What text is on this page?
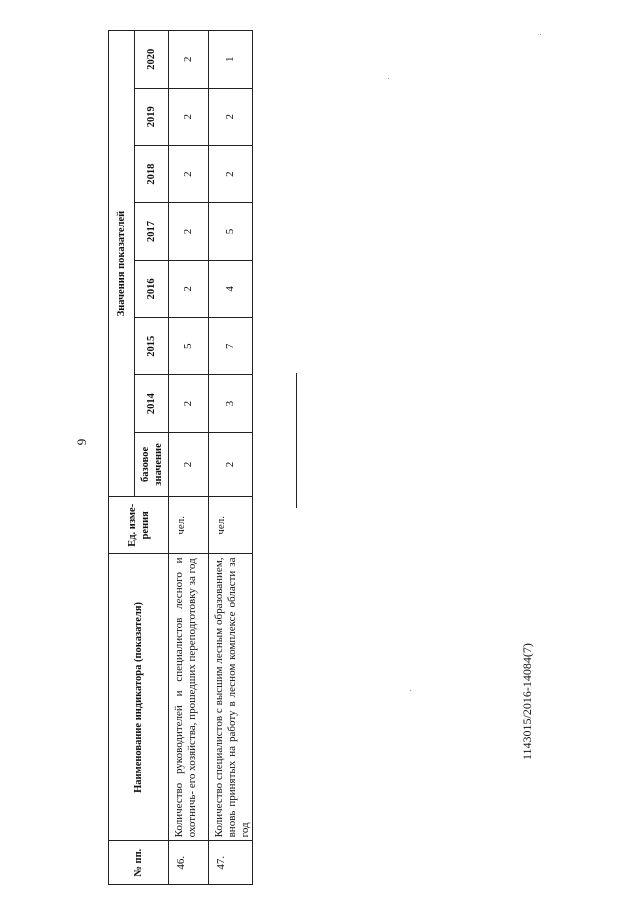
9
№ пп.	Наименование индикатора (показателя)	Ед. изме- рения	Значения показателей							
			базовое значение	2014	2015	2016	2017	2018	2019	2020
46.	Количество руководителей и специалистов лесного и охотничь- его хозяйства, прошедших переподготовку за год	чел.	2	2	5	2	2	2	2	2
47.	Количество специалистов с высшим лесным образованием, вновь принятых на работу в лесном комплексе области за год	чел.	2	3	7	4	5	2	2	1
1143015/2016-14084(7)
